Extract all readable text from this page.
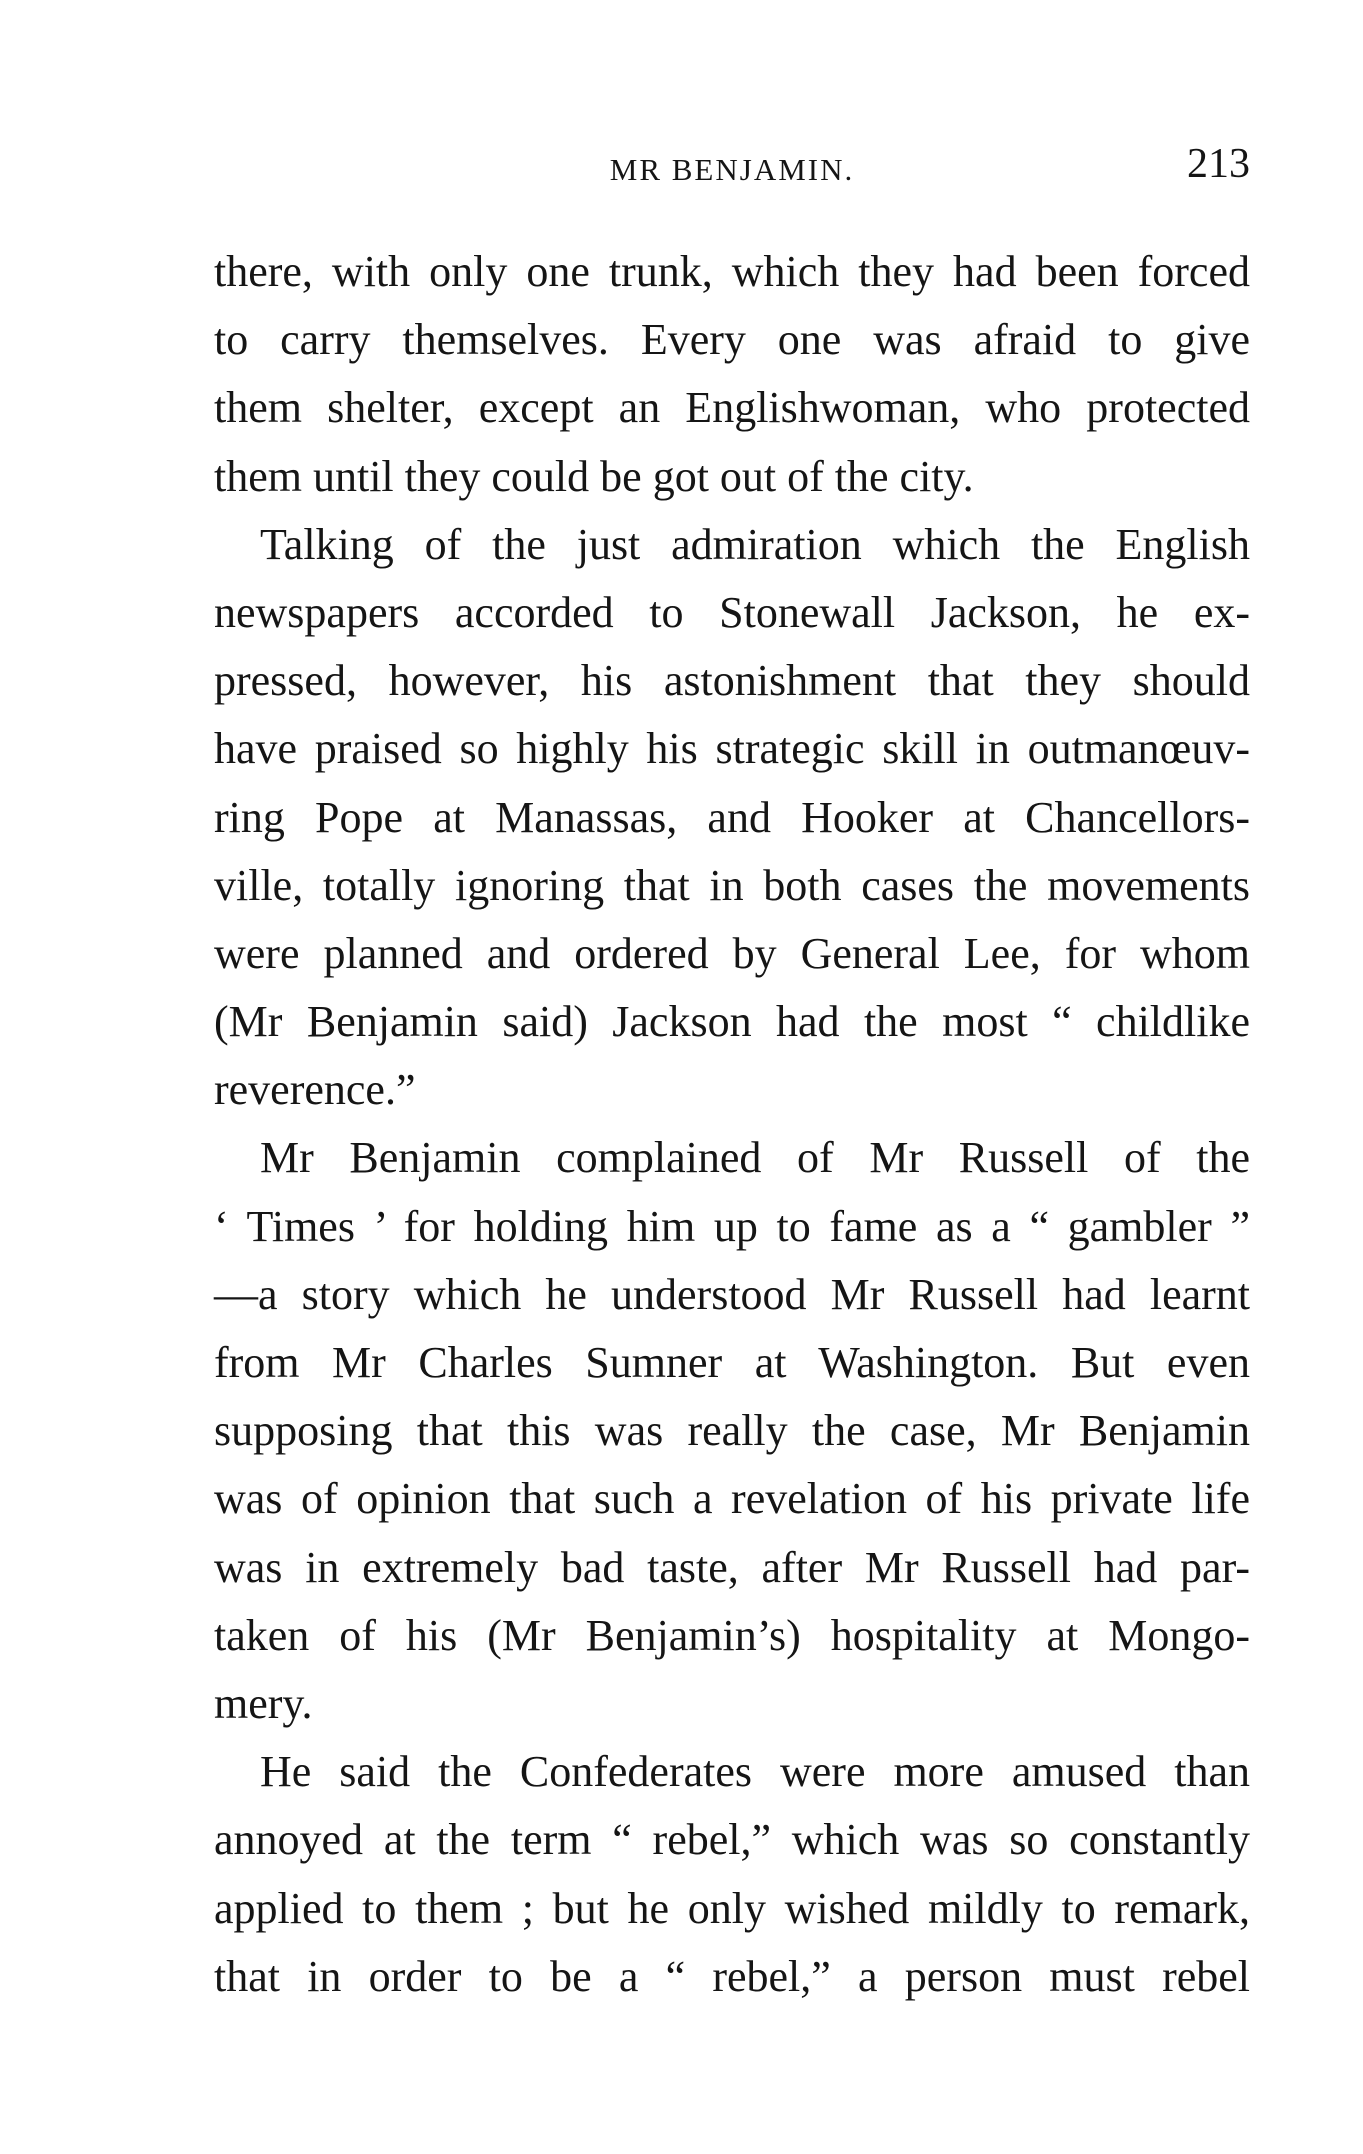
MR BENJAMIN.	213
there, with only one trunk, which they had been forced
to carry themselves. Every one was afraid to give
them shelter, except an Englishwoman, who protected
them until they could be got out of the city.
Talking of the just admiration which the English
newspapers accorded to Stonewall Jackson, he ex-
pressed, however, his astonishment that they should
have praised so highly his strategic skill in outmanœuv-
ring Pope at Manassas, and Hooker at Chancellors-
ville, totally ignoring that in both cases the movements
were planned and ordered by General Lee, for whom
(Mr Benjamin said) Jackson had the most “ childlike
reverence.”
Mr Benjamin complained of Mr Russell of the
‘ Times ’ for holding him up to fame as a “ gambler ”
—a story which he understood Mr Russell had learnt
from Mr Charles Sumner at Washington. But even
supposing that this was really the case, Mr Benjamin
was of opinion that such a revelation of his private life
was in extremely bad taste, after Mr Russell had par-
taken of his (Mr Benjamin’s) hospitality at Mongo-
mery.
He said the Confederates were more amused than
annoyed at the term “ rebel,” which was so constantly
applied to them ; but he only wished mildly to remark,
that in order to be a “ rebel,” a person must rebel
